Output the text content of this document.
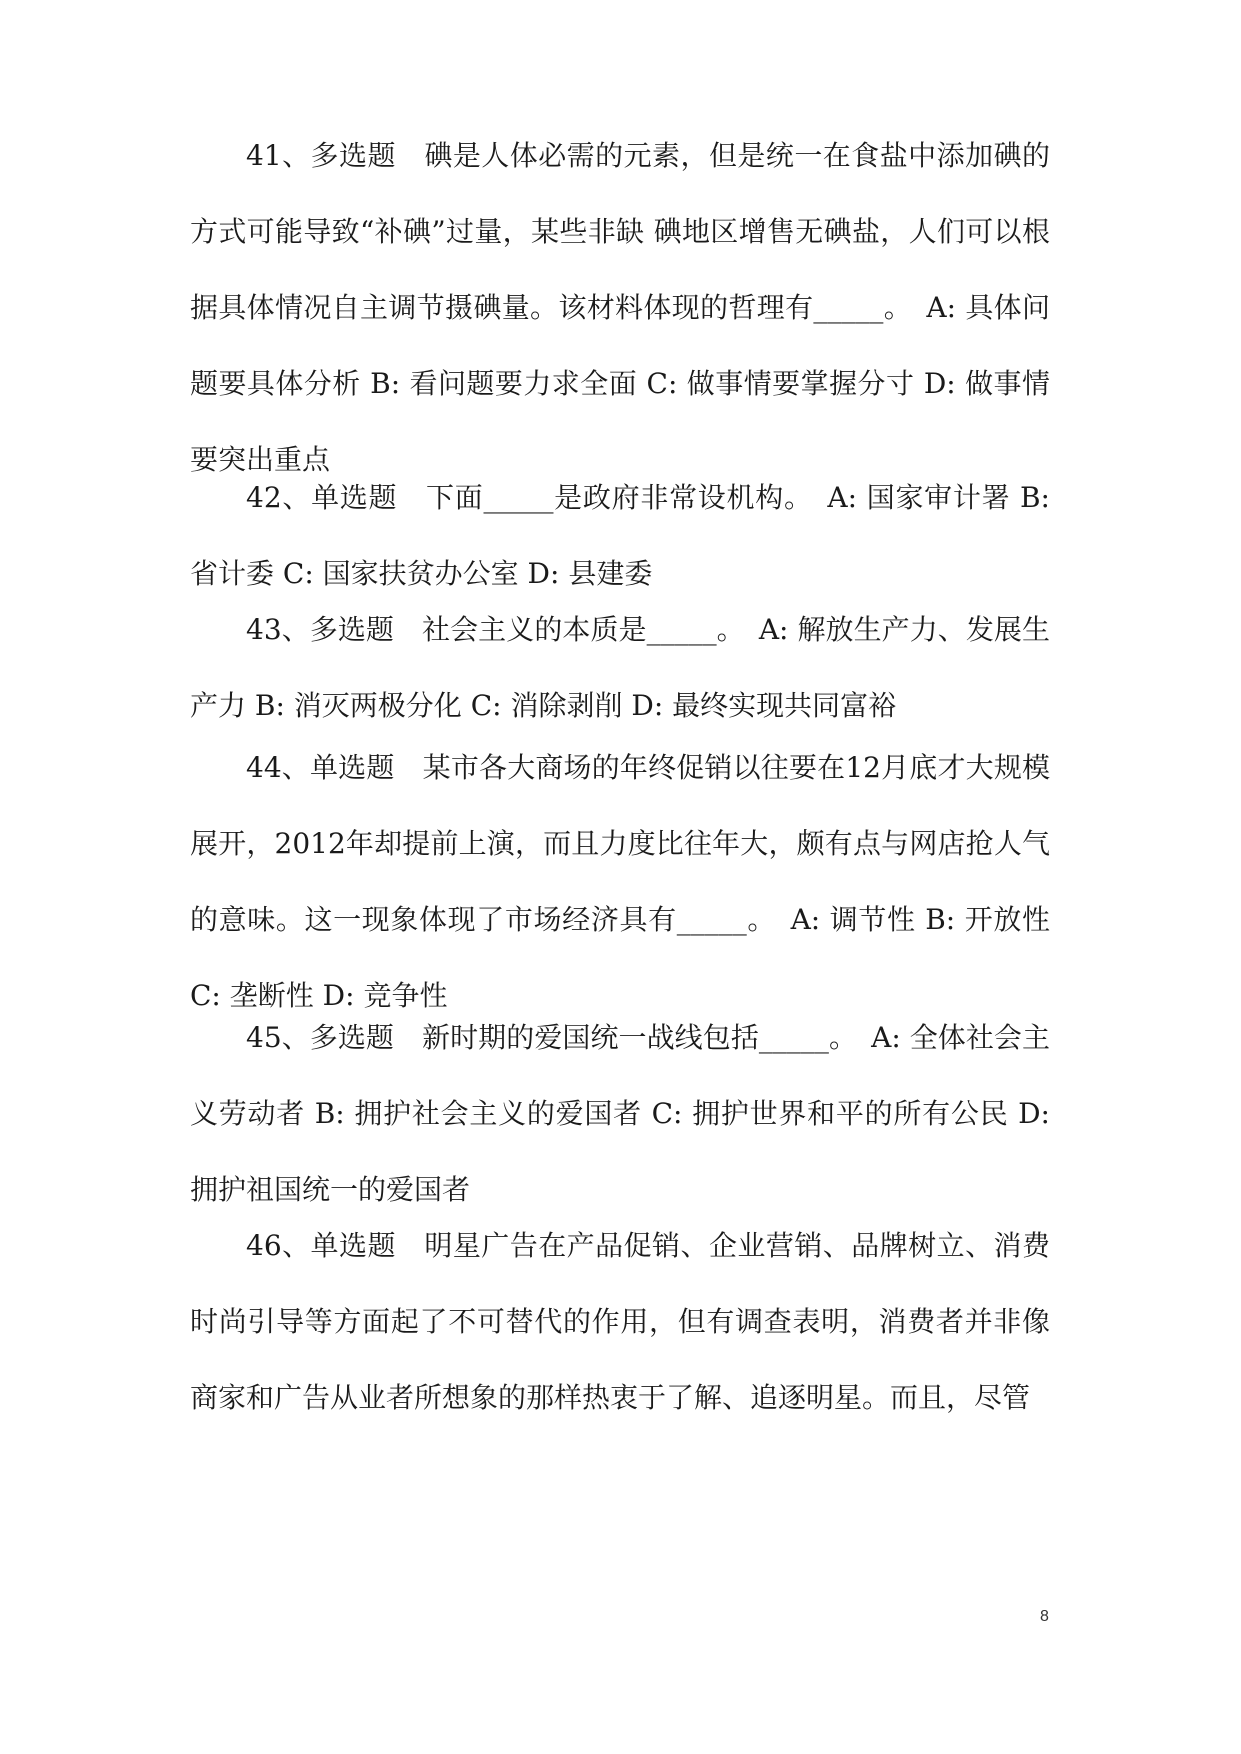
41、多选题　碘是人体必需的元素，但是统一在食盐中添加碘的方式可能导致“补碘”过量，某些非缺 碘地区增售无碘盐，人们可以根据具体情况自主调节摄碘量。该材料体现的哲理有_____。　A: 具体问题要具体分析 B: 看问题要力求全面 C: 做事情要掌握分寸 D: 做事情要突出重点

42、单选题　下面_____是政府非常设机构。　A: 国家审计署 B: 省计委 C: 国家扶贫办公室 D: 县建委

43、多选题　社会主义的本质是_____。　A: 解放生产力、发展生产力 B: 消灭两极分化 C: 消除剥削 D: 最终实现共同富裕

44、单选题　某市各大商场的年终促销以往要在12月底才大规模展开，2012年却提前上演，而且力度比往年大，颇有点与网店抢人气的意味。这一现象体现了市场经济具有_____。　A: 调节性 B: 开放性 C: 垄断性 D: 竞争性

45、多选题　新时期的爱国统一战线包括_____。　A: 全体社会主义劳动者 B: 拥护社会主义的爱国者 C: 拥护世界和平的所有公民 D: 拥护祖国统一的爱国者

46、单选题　明星广告在产品促销、企业营销、品牌树立、消费时尚引导等方面起了不可替代的作用，但有调查表明，消费者并非像商家和广告从业者所想象的那样热衷于了解、追逐明星。而且，尽管

8
